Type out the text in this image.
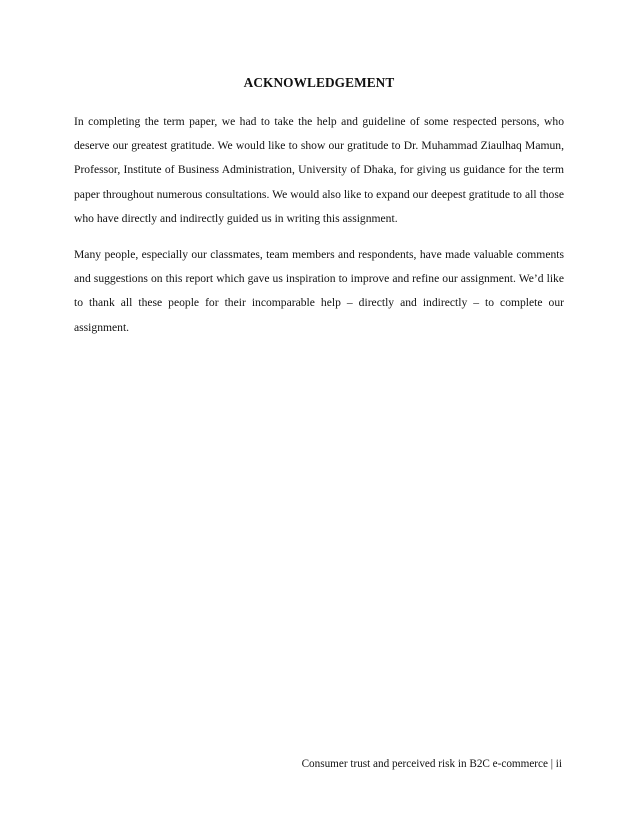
ACKNOWLEDGEMENT

In completing the term paper, we had to take the help and guideline of some respected persons, who deserve our greatest gratitude. We would like to show our gratitude to Dr. Muhammad Ziaulhaq Mamun, Professor, Institute of Business Administration, University of Dhaka, for giving us guidance for the term paper throughout numerous consultations. We would also like to expand our deepest gratitude to all those who have directly and indirectly guided us in writing this assignment.

Many people, especially our classmates, team members and respondents, have made valuable comments and suggestions on this report which gave us inspiration to improve and refine our assignment. We’d like to thank all these people for their incomparable help – directly and indirectly – to complete our assignment.

Consumer trust and perceived risk in B2C e-commerce | ii
